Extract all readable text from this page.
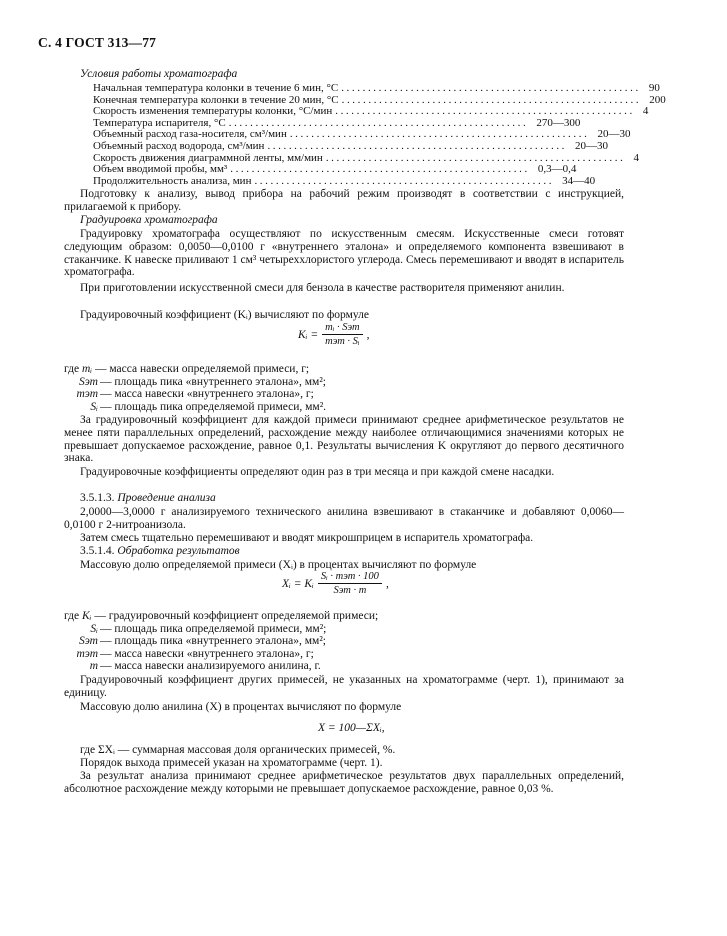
С. 4 ГОСТ 313—77
Условия работы хроматографа
Начальная температура колонки в течение 6 мин, °С ........................................................ 90
Конечная температура колонки в течение 20 мин, °С ........................................................ 200
Скорость изменения температуры колонки, °С/мин ........................................................ 4
Температура испарителя, °С ........................................................ 270—300
Объемный расход газа-носителя, см³/мин ........................................................ 20—30
Объемный расход водорода, см³/мин ........................................................ 20—30
Скорость движения диаграммной ленты, мм/мин ........................................................ 4
Объем вводимой пробы, мм³ ........................................................ 0,3—0,4
Продолжительность анализа, мин ........................................................ 34—40
Подготовку к анализу, вывод прибора на рабочий режим производят в соответствии с инструкцией, прилагаемой к прибору.
Градуировка хроматографа
Градуировку хроматографа осуществляют по искусственным смесям. Искусственные смеси готовят следующим образом: 0,0050—0,0100 г «внутреннего эталона» и определяемого компонента взвешивают в стаканчике. К навеске приливают 1 см³ четыреххлористого углерода. Смесь перемешивают и вводят в испаритель хроматографа.
При приготовлении искусственной смеси для бензола в качестве растворителя применяют анилин.
Градуировочный коэффициент (Kᵢ) вычисляют по формуле
Kᵢ = $\frac{\text{mᵢ · Sэт}}{\text{mэт · Sᵢ}}$ ,
где
mᵢ
— масса навески определяемой примеси, г;
Sэт — площадь пика «внутреннего эталона», мм²;
mэт — масса навески «внутреннего эталона», г;
Sᵢ — площадь пика определяемой примеси, мм².
За градуировочный коэффициент для каждой примеси принимают среднее арифметическое результатов не менее пяти параллельных определений, расхождение между наиболее отличающимися значениями которых не превышает допускаемое расхождение, равное 0,1. Результаты вычисления K округляют до первого десятичного знака.
Градуировочные коэффициенты определяют один раз в три месяца и при каждой смене насадки.
3.5.1.3. Проведение анализа
2,0000—3,0000 г анализируемого технического анилина взвешивают в стаканчике и добавляют 0,0060—0,0100 г 2-нитроанизола.
Затем смесь тщательно перемешивают и вводят микрошприцем в испаритель хроматографа.
3.5.1.4. Обработка результатов
Массовую долю определяемой примеси (Xᵢ) в процентах вычисляют по формуле
Xᵢ = Kᵢ $\frac{\text{Sᵢ · mэт · 100}}{\text{Sэт · m}}$ ,
где
Kᵢ
— градуировочный коэффициент определяемой примеси;
Sᵢ — площадь пика определяемой примеси, мм²;
Sэт — площадь пика «внутреннего эталона», мм²;
mэт — масса навески «внутреннего эталона», г;
m — масса навески анализируемого анилина, г.
Градуировочный коэффициент других примесей, не указанных на хроматограмме (черт. 1), принимают за единицу.
Массовую долю анилина (X) в процентах вычисляют по формуле
X = 100—ΣXᵢ,
где ΣXᵢ — суммарная массовая доля органических примесей, %.
Порядок выхода примесей указан на хроматограмме (черт. 1).
За результат анализа принимают среднее арифметическое результатов двух параллельных определений, абсолютное расхождение между которыми не превышает допускаемое расхождение, равное 0,03 %.
